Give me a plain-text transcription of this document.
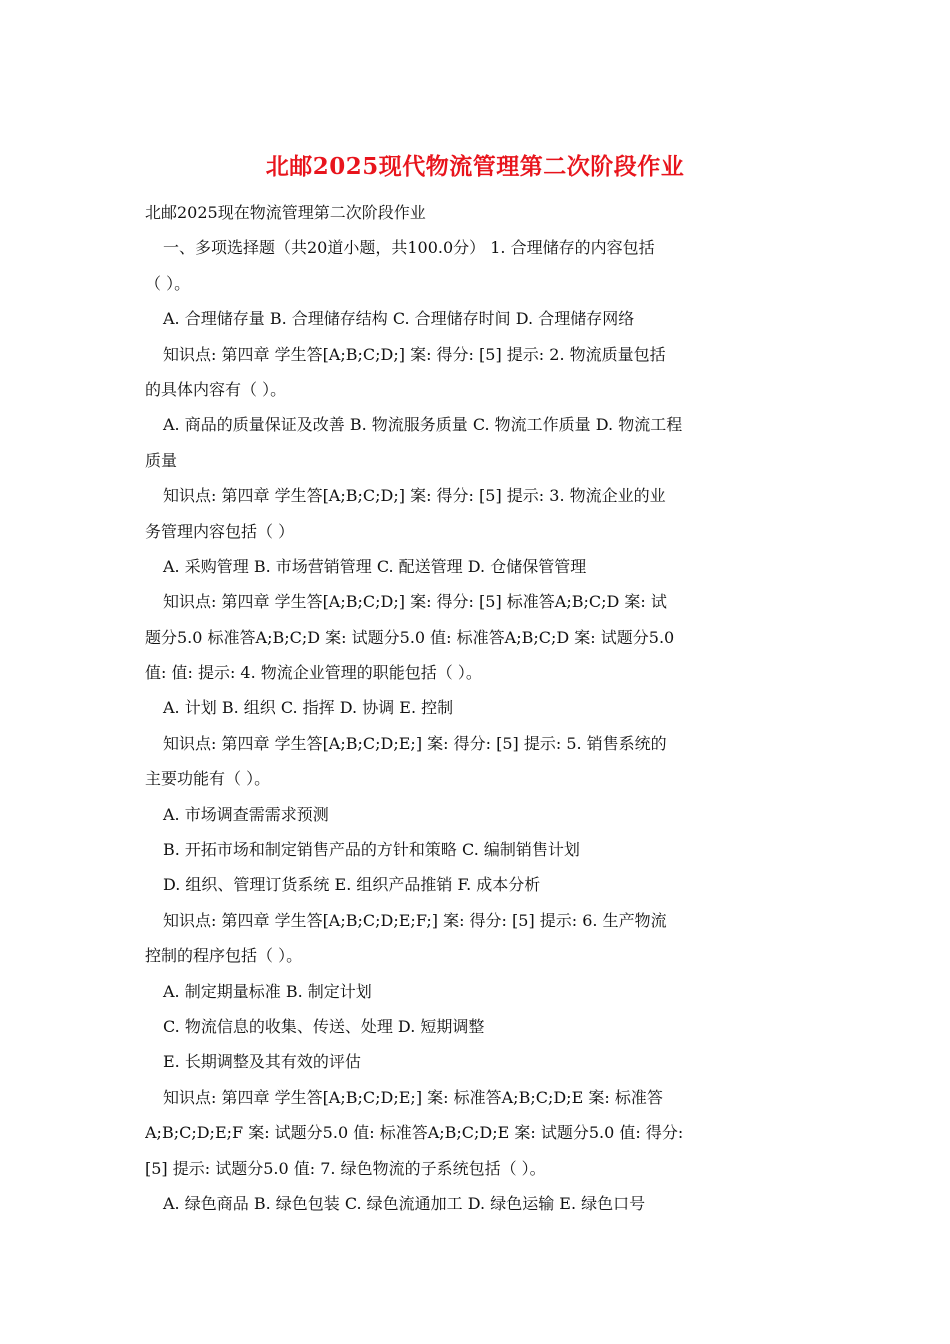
北邮2025现代物流管理第二次阶段作业
北邮2025现在物流管理第二次阶段作业
一、多项选择题（共20道小题，共100.0分） 1. 合理储存的内容包括
（ ）。
A. 合理储存量 B. 合理储存结构 C. 合理储存时间 D. 合理储存网络
知识点: 第四章 学生答[A;B;C;D;] 案: 得分: [5] 提示: 2. 物流质量包括
的具体内容有（ ）。
A. 商品的质量保证及改善 B. 物流服务质量 C. 物流工作质量 D. 物流工程
质量
知识点: 第四章 学生答[A;B;C;D;] 案: 得分: [5] 提示: 3. 物流企业的业
务管理内容包括（ ）
A. 采购管理 B. 市场营销管理 C. 配送管理 D. 仓储保管管理
知识点: 第四章 学生答[A;B;C;D;] 案: 得分: [5] 标准答A;B;C;D 案: 试
题分5.0 标准答A;B;C;D 案: 试题分5.0 值: 标准答A;B;C;D 案: 试题分5.0
值: 值: 提示: 4. 物流企业管理的职能包括（ ）。
A. 计划 B. 组织 C. 指挥 D. 协调 E. 控制
知识点: 第四章 学生答[A;B;C;D;E;] 案: 得分: [5] 提示: 5. 销售系统的
主要功能有（ ）。
A. 市场调查需需求预测
B. 开拓市场和制定销售产品的方针和策略 C. 编制销售计划
D. 组织、管理订货系统 E. 组织产品推销 F. 成本分析
知识点: 第四章 学生答[A;B;C;D;E;F;] 案: 得分: [5] 提示: 6. 生产物流
控制的程序包括（ ）。
A. 制定期量标准 B. 制定计划
C. 物流信息的收集、传送、处理 D. 短期调整
E. 长期调整及其有效的评估
知识点: 第四章 学生答[A;B;C;D;E;] 案: 标准答A;B;C;D;E 案: 标准答
A;B;C;D;E;F 案: 试题分5.0 值: 标准答A;B;C;D;E 案: 试题分5.0 值: 得分:
[5] 提示: 试题分5.0 值: 7. 绿色物流的子系统包括（ ）。
A. 绿色商品 B. 绿色包装 C. 绿色流通加工 D. 绿色运输 E. 绿色口号
